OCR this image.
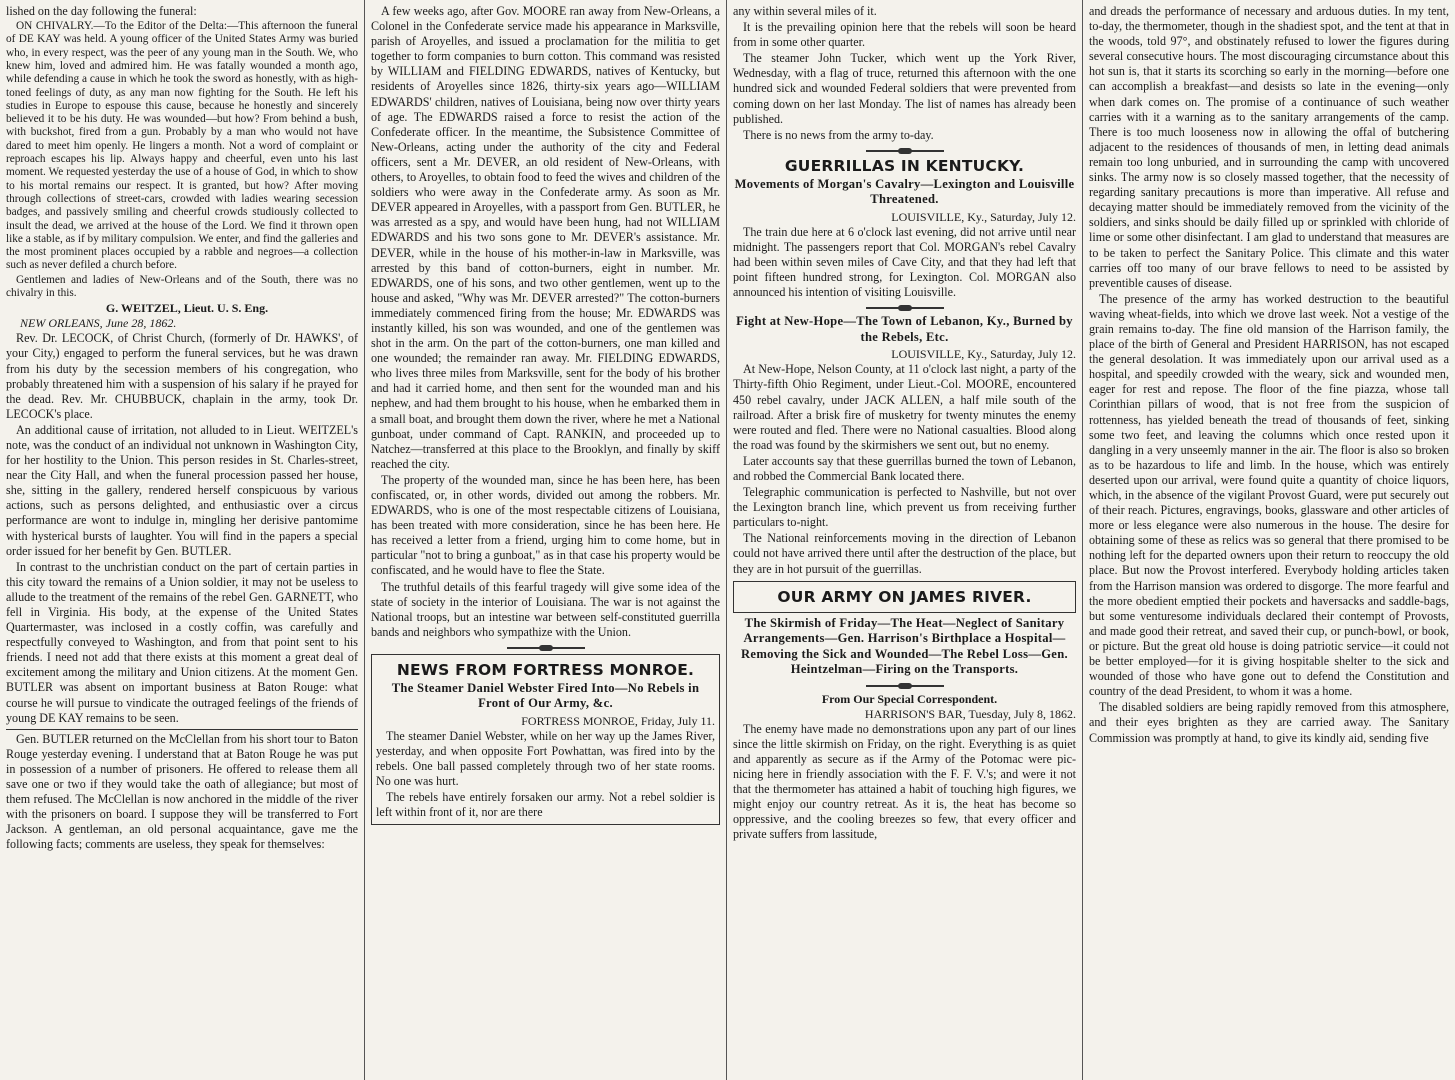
lished on the day following the funeral:

ON CHIVALRY.—To the Editor of the Delta:—This afternoon the funeral of DE KAY was held. A young officer of the United States Army was buried who, in every respect, was the peer of any young man in the South. We, who knew him, loved and admired him. He was fatally wounded a month ago, while defending a cause in which he took the sword as honestly, with as high-toned feelings of duty, as any man now fighting for the South. He left his studies in Europe to espouse this cause, because he honestly and sincerely believed it to be his duty. He was wounded—but how? From behind a bush, with buckshot, fired from a gun. Probably by a man who would not have dared to meet him openly. He lingers a month. Not a word of complaint or reproach escapes his lip. Always happy and cheerful, even unto his last moment. We requested yesterday the use of a house of God, in which to show to his mortal remains our respect. It is granted, but how? After moving through collections of street-cars, crowded with ladies wearing secession badges, and passively smiling and cheerful crowds studiously collected to insult the dead, we arrived at the house of the Lord. We find it thrown open like a stable, as if by military compulsion. We enter, and find the galleries and the most prominent places occupied by a rabble and negroes—a collection such as never defiled a church before.

Gentlemen and ladies of New-Orleans and of the South, there was no chivalry in this.

G. WEITZEL, Lieut. U. S. Eng.

NEW ORLEANS, June 28, 1862.

Rev. Dr. LECOCK, of Christ Church, (formerly of Dr. HAWKS', of your City,) engaged to perform the funeral services, but he was drawn from his duty by the secession members of his congregation, who probably threatened him with a suspension of his salary if he prayed for the dead. Rev. Mr. CHUBBUCK, chaplain in the army, took Dr. LECOCK's place.

An additional cause of irritation, not alluded to in Lieut. WEITZEL's note, was the conduct of an individual not unknown in Washington City, for her hostility to the Union. This person resides in St. Charles-street, near the City Hall, and when the funeral procession passed her house, she, sitting in the gallery, rendered herself conspicuous by various actions, such as persons delighted, and enthusiastic over a circus performance are wont to indulge in, mingling her derisive pantomime with hysterical bursts of laughter. You will find in the papers a special order issued for her benefit by Gen. BUTLER.

In contrast to the unchristian conduct on the part of certain parties in this city toward the remains of a Union soldier, it may not be useless to allude to the treatment of the remains of the rebel Gen. GARNETT, who fell in Virginia. His body, at the expense of the United States Quartermaster, was inclosed in a costly coffin, was carefully and respectfully conveyed to Washington, and from that point sent to his friends. I need not add that there exists at this moment a great deal of excitement among the military and Union citizens. At the moment Gen. BUTLER was absent on important business at Baton Rouge: what course he will pursue to vindicate the outraged feelings of the friends of young DE KAY remains to be seen.

Gen. BUTLER returned on the McClellan from his short tour to Baton Rouge yesterday evening. I understand that at Baton Rouge he was put in possession of a number of prisoners. He offered to release them all save one or two if they would take the oath of allegiance; but most of them refused. The McClellan is now anchored in the middle of the river with the prisoners on board. I suppose they will be transferred to Fort Jackson. A gentleman, an old personal acquaintance, gave me the following facts; comments are useless, they speak for themselves:

A few weeks ago, after Gov. MOORE ran away from New-Orleans, a Colonel in the Confederate service made his appearance in Marksville, parish of Aroyelles, and issued a proclamation for the militia to get together to form companies to burn cotton. This command was resisted by WILLIAM and FIELDING EDWARDS, natives of Kentucky, but residents of Aroyelles since 1826, thirty-six years ago—WILLIAM EDWARDS' children, natives of Louisiana, being now over thirty years of age. The EDWARDS raised a force to resist the action of the Confederate officer. In the meantime, the Subsistence Committee of New-Orleans, acting under the authority of the city and Federal officers, sent a Mr. DEVER, an old resident of New-Orleans, with others, to Aroyelles, to obtain food to feed the wives and children of the soldiers who were away in the Confederate army. As soon as Mr. DEVER appeared in Aroyelles, with a passport from Gen. BUTLER, he was arrested as a spy, and would have been hung, had not WILLIAM EDWARDS and his two sons gone to Mr. DEVER's assistance. Mr. DEVER, while in the house of his mother-in-law in Marksville, was arrested by this band of cotton-burners, eight in number. Mr. EDWARDS, one of his sons, and two other gentlemen, went up to the house and asked, "Why was Mr. DEVER arrested?" The cotton-burners immediately commenced firing from the house; Mr. EDWARDS was instantly killed, his son was wounded, and one of the gentlemen was shot in the arm. On the part of the cotton-burners, one man killed and one wounded; the remainder ran away. Mr. FIELDING EDWARDS, who lives three miles from Marksville, sent for the body of his brother and had it carried home, and then sent for the wounded man and his nephew, and had them brought to his house, when he embarked them in a small boat, and brought them down the river, where he met a National gunboat, under command of Capt. RANKIN, and proceeded up to Natchez—transferred at this place to the Brooklyn, and finally by skiff reached the city.

The property of the wounded man, since he has been here, has been confiscated, or, in other words, divided out among the robbers. Mr. EDWARDS, who is one of the most respectable citizens of Louisiana, has been treated with more consideration, since he has been here. He has received a letter from a friend, urging him to come home, but in particular "not to bring a gunboat," as in that case his property would be confiscated, and he would have to flee the State.

The truthful details of this fearful tragedy will give some idea of the state of society in the interior of Louisiana. The war is not against the National troops, but an intestine war between self-constituted guerrilla bands and neighbors who sympathize with the Union.

NEWS FROM FORTRESS MONROE.
The Steamer Daniel Webster Fired Into—No Rebels in Front of Our Army, &c.

FORTRESS MONROE, Friday, July 11.

The steamer Daniel Webster, while on her way up the James River, yesterday, and when opposite Fort Powhattan, was fired into by the rebels. One ball passed completely through two of her state rooms. No one was hurt.

The rebels have entirely forsaken our army. Not a rebel soldier is left within front of it, nor are there

any within several miles of it.

It is the prevailing opinion here that the rebels will soon be heard from in some other quarter.

The steamer John Tucker, which went up the York River, Wednesday, with a flag of truce, returned this afternoon with the one hundred sick and wounded Federal soldiers that were prevented from coming down on her last Monday. The list of names has already been published.

There is no news from the army to-day.

GUERRILLAS IN KENTUCKY.
Movements of Morgan's Cavalry—Lexington and Louisville Threatened.

LOUISVILLE, Ky., Saturday, July 12.

The train due here at 6 o'clock last evening, did not arrive until near midnight. The passengers report that Col. MORGAN's rebel Cavalry had been within seven miles of Cave City, and that they had left that point fifteen hundred strong, for Lexington. Col. MORGAN also announced his intention of visiting Louisville.

Fight at New-Hope—The Town of Lebanon, Ky., Burned by the Rebels, Etc.

LOUISVILLE, Ky., Saturday, July 12.

At New-Hope, Nelson County, at 11 o'clock last night, a party of the Thirty-fifth Ohio Regiment, under Lieut.-Col. MOORE, encountered 450 rebel cavalry, under JACK ALLEN, a half mile south of the railroad. After a brisk fire of musketry for twenty minutes the enemy were routed and fled. There were no National casualties. Blood along the road was found by the skirmishers we sent out, but no enemy.

Later accounts say that these guerrillas burned the town of Lebanon, and robbed the Commercial Bank located there.

Telegraphic communication is perfected to Nashville, but not over the Lexington branch line, which prevent us from receiving further particulars to-night.

The National reinforcements moving in the direction of Lebanon could not have arrived there until after the destruction of the place, but they are in hot pursuit of the guerrillas.

OUR ARMY ON JAMES RIVER.
The Skirmish of Friday—The Heat—Neglect of Sanitary Arrangements—Gen. Harrison's Birthplace a Hospital—Removing the Sick and Wounded—The Rebel Loss—Gen. Heintzelman—Firing on the Transports.

From Our Special Correspondent.

HARRISON'S BAR, Tuesday, July 8, 1862.

The enemy have made no demonstrations upon any part of our lines since the little skirmish on Friday, on the right. Everything is as quiet and apparently as secure as if the Army of the Potomac were pic-nicing here in friendly association with the F. F. V.'s; and were it not that the thermometer has attained a habit of touching high figures, we might enjoy our country retreat. As it is, the heat has become so oppressive, and the cooling breezes so few, that every officer and private suffers from lassitude,

and dreads the performance of necessary and arduous duties. In my tent, to-day, the thermometer, though in the shadiest spot, and the tent at that in the woods, told 97°, and obstinately refused to lower the figures during several consecutive hours. The most discouraging circumstance about this hot sun is, that it starts its scorching so early in the morning—before one can accomplish a breakfast—and desists so late in the evening—only when dark comes on. The promise of a continuance of such weather carries with it a warning as to the sanitary arrangements of the camp. There is too much looseness now in allowing the offal of butchering adjacent to the residences of thousands of men, in letting dead animals remain too long unburied, and in surrounding the camp with uncovered sinks. The army now is so closely massed together, that the necessity of regarding sanitary precautions is more than imperative. All refuse and decaying matter should be immediately removed from the vicinity of the soldiers, and sinks should be daily filled up or sprinkled with chloride of lime or some other disinfectant. I am glad to understand that measures are to be taken to perfect the Sanitary Police. This climate and this water carries off too many of our brave fellows to need to be assisted by preventible causes of disease.

The presence of the army has worked destruction to the beautiful waving wheat-fields, into which we drove last week. Not a vestige of the grain remains to-day. The fine old mansion of the Harrison family, the place of the birth of General and President HARRISON, has not escaped the general desolation. It was immediately upon our arrival used as a hospital, and speedily crowded with the weary, sick and wounded men, eager for rest and repose. The floor of the fine piazza, whose tall Corinthian pillars of wood, that is not free from the suspicion of rottenness, has yielded beneath the tread of thousands of feet, sinking some two feet, and leaving the columns which once rested upon it dangling in a very unseemly manner in the air. The floor is also so broken as to be hazardous to life and limb. In the house, which was entirely deserted upon our arrival, were found quite a quantity of choice liquors, which, in the absence of the vigilant Provost Guard, were put securely out of their reach. Pictures, engravings, books, glassware and other articles of more or less elegance were also numerous in the house. The desire for obtaining some of these as relics was so general that there promised to be nothing left for the departed owners upon their return to reoccupy the old place. But now the Provost interfered. Everybody holding articles taken from the Harrison mansion was ordered to disgorge. The more fearful and the more obedient emptied their pockets and haversacks and saddle-bags, but some venturesome individuals declared their contempt of Provosts, and made good their retreat, and saved their cup, or punch-bowl, or book, or picture. But the great old house is doing patriotic service—it could not be better employed—for it is giving hospitable shelter to the sick and wounded of those who have gone out to defend the Constitution and country of the dead President, to whom it was a home.

The disabled soldiers are being rapidly removed from this atmosphere, and their eyes brighten as they are carried away. The Sanitary Commission was promptly at hand, to give its kindly aid, sending five
